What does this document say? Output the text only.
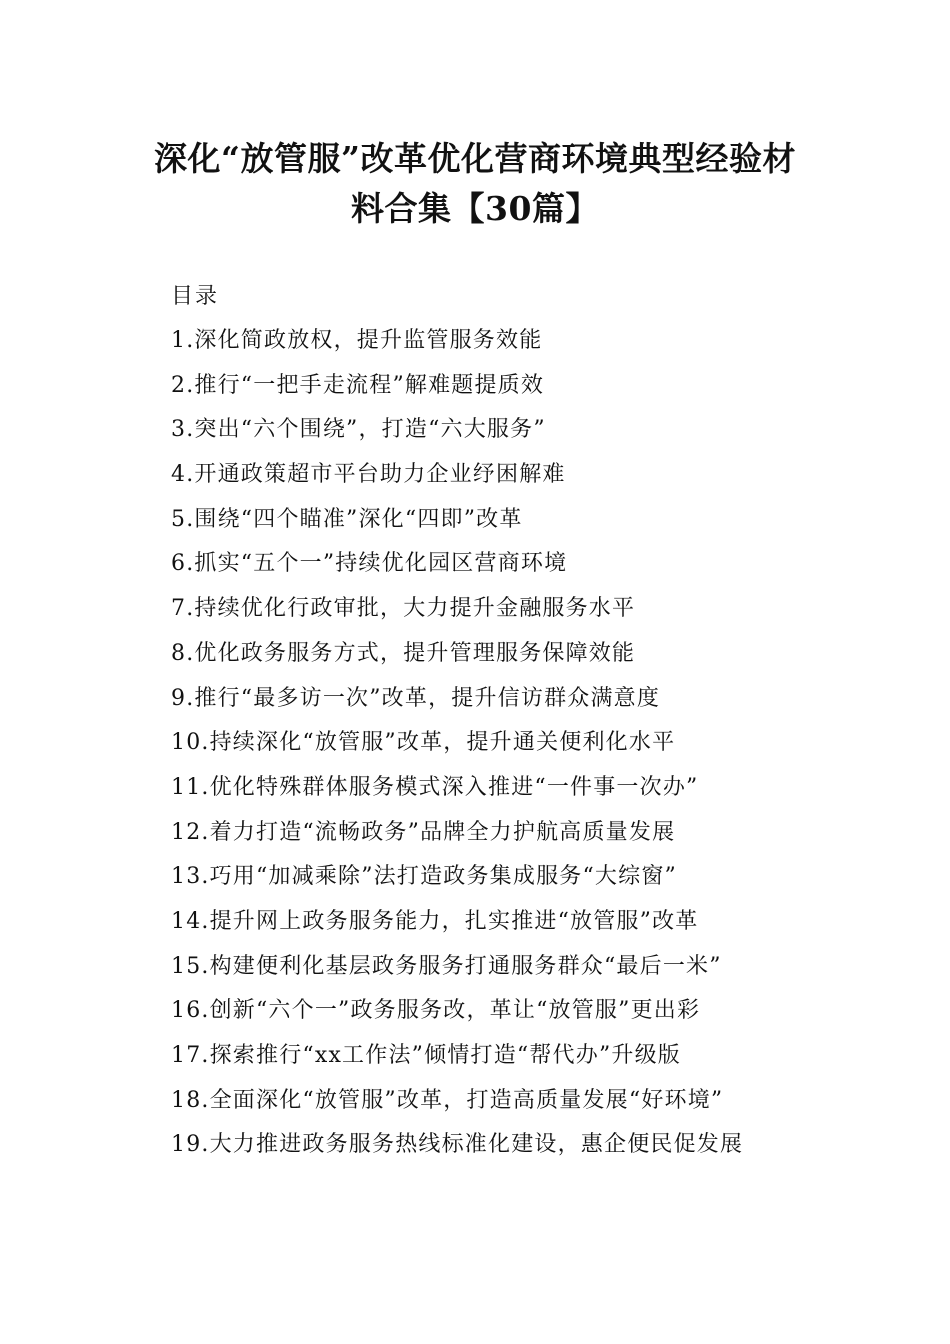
深化“放管服”改革优化营商环境典型经验材
料合集【30篇】
目录
1.深化简政放权，提升监管服务效能
2.推行“一把手走流程”解难题提质效
3.突出“六个围绕”，打造“六大服务”
4.开通政策超市平台助力企业纾困解难
5.围绕“四个瞄准”深化“四即”改革
6.抓实“五个一”持续优化园区营商环境
7.持续优化行政审批，大力提升金融服务水平
8.优化政务服务方式，提升管理服务保障效能
9.推行“最多访一次”改革，提升信访群众满意度
10.持续深化“放管服”改革，提升通关便利化水平
11.优化特殊群体服务模式深入推进“一件事一次办”
12.着力打造“流畅政务”品牌全力护航高质量发展
13.巧用“加减乘除”法打造政务集成服务“大综窗”
14.提升网上政务服务能力，扎实推进“放管服”改革
15.构建便利化基层政务服务打通服务群众“最后一米”
16.创新“六个一”政务服务改，革让“放管服”更出彩
17.探索推行“xx工作法”倾情打造“帮代办”升级版
18.全面深化“放管服”改革，打造高质量发展“好环境”
19.大力推进政务服务热线标准化建设，惠企便民促发展
